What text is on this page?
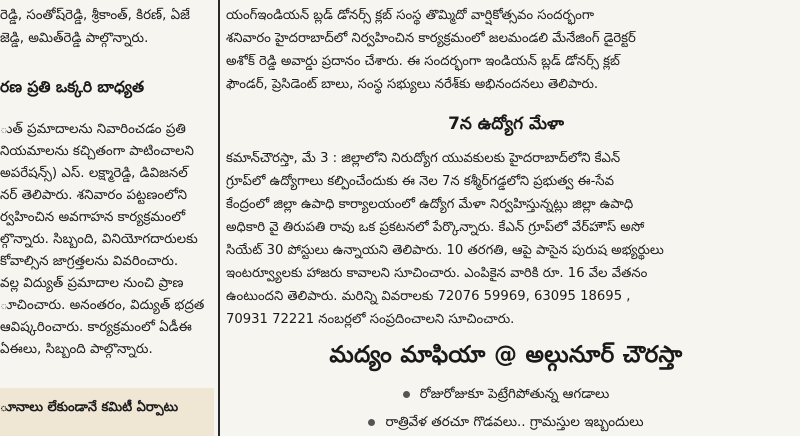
రెడ్డి, సంతోష్‌రెడ్డి, శ్రీకాంత్, కిరణ్, ఏజే
జెడ్డి, అమిత్‌రెడ్డి పాల్గొన్నారు.
రణ ప్రతి ఒక్కరి బాధ్యత
ుత్ ప్రమాదాలను నివారించడం ప్రతి
నియమాలను కచ్చితంగా పాటించాలని
అపరేషన్స్) ఎస్. లక్ష్మారెడ్డి, డివిజనల్
నర్ తెలిపారు. శనివారం పట్టణంలోని
ర్వహించిన అవగాహన కార్యక్రమంలో
ల్గొన్నారు. సిబ్బంది, వినియోగదారులకు
కోవాల్సిన జాగ్రత్తలను వివరించారు.
వల్ల విద్యుత్ ప్రమాదాల నుంచి ప్రాణ
ూచించారు. అనంతరం, విద్యుత్ భద్రత
ఆవిష్కరించారు. కార్యక్రమంలో ఏడీఈ
ఏఈలు, సిబ్బంది పాల్గొన్నారు.
ూనాలు లేకుండానే కమిటీ ఏర్పాటు
యంగ్ఇండియన్ బ్లడ్ డోనర్స్ క్లబ్ సంస్థ తొమ్మిదో వార్షికోత్సవం సందర్భంగా
శనివారం హైదరాబాద్‌లో నిర్వహించిన కార్యక్రమంలో జలమండలి మేనేజింగ్ డైరెక్టర్
అశోక్ రెడ్డి అవార్డు ప్రదానం చేశారు. ఈ సందర్భంగా ఇండియన్ బ్లడ్ డోనర్స్ క్లబ్
ఫౌండర్, ప్రెసిడెంట్ బాలు, సంస్థ సభ్యులు నరేశ్‌కు అభినందనలు తెలిపారు.
7న ఉద్యోగ మేళా
కమాన్‌చౌరస్తా, మే 3 : జిల్లాలోని నిరుద్యోగ యువకులకు హైదరాబాద్‌లోని కేఎన్
గ్రూప్‌లో ఉద్యోగాలు కల్పించేందుకు ఈ నెల 7న కశ్మీర్‌గడ్డలోని ప్రభుత్వ ఈ-సేవ
కేంద్రంలో జిల్లా ఉపాధి కార్యాలయంలో ఉద్యోగ మేళా నిర్వహిస్తున్నట్లు జిల్లా ఉపాధి
అధికారి వై తిరుపతి రావు ఒక ప్రకటనలో పేర్కొన్నారు. కేఎన్ గ్రూప్‌లో వేర్‌హౌస్ అసో
సియేట్ 30 పోస్టులు ఉన్నాయని తెలిపారు. 10 తరగతి, ఆపై పాసైన పురుష అభ్యర్థులు
ఇంటర్వ్యూలకు హాజరు కావాలని సూచించారు. ఎంపికైన వారికి రూ. 16 వేల వేతనం
ఉంటుందని తెలిపారు. మరిన్ని వివరాలకు 72076 59969, 63095 18695 ,
70931 72221 నంబర్లలో సంప్రదించాలని సూచించారు.
మద్యం మాఫియా @ అల్గునూర్ చౌరస్తా
రోజురోజుకూ పెట్రేగిపోతున్న ఆగడాలు
రాత్రివేళ తరచూ గొడవలు.. గ్రామస్తుల ఇబ్బందులు
